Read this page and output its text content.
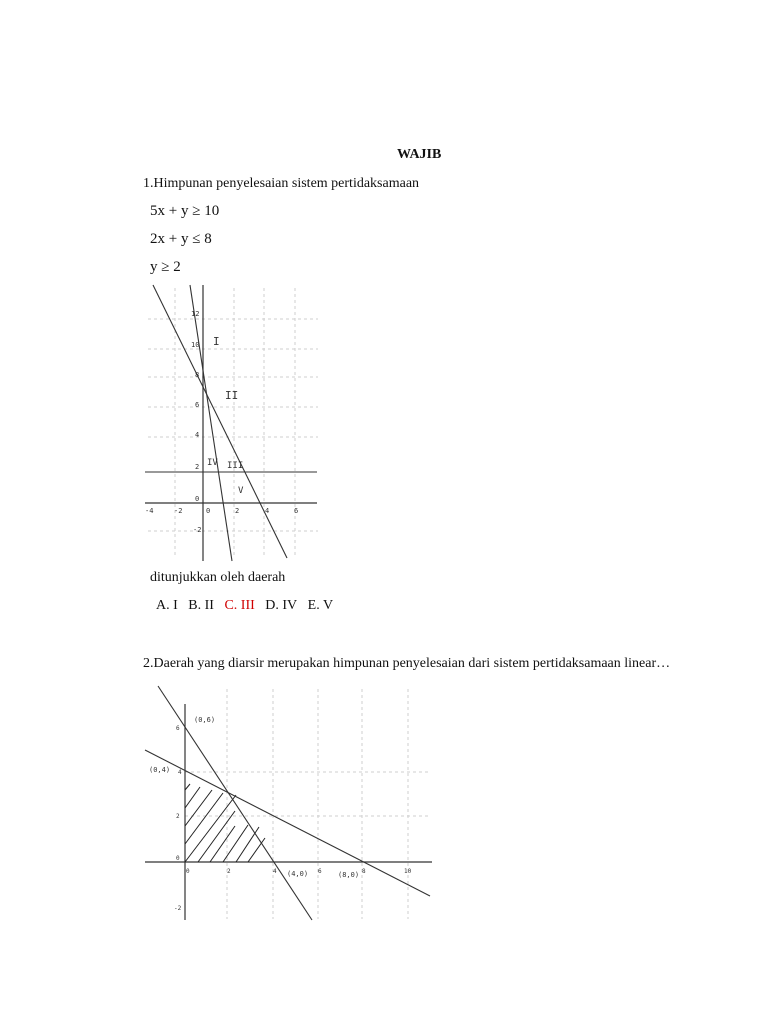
WAJIB
1.Himpunan penyelesaian sistem pertidaksamaan
5x + y ≥ 10
2x + y ≤ 8
y ≥ 2
-4	-2	0	2	4	6
12
10
8
6
4
2
0
-2
I
II
III
IV
V
ditunjukkan oleh daerah
A. I B. II C. III D. IV E. V
2.Daerah yang diarsir merupakan himpunan penyelesaian dari sistem pertidaksamaan linear…
0	2	4	6	8	10
6
4
2
0
-2
(0,6)
(0,4)
(4,0)	(8,0)
